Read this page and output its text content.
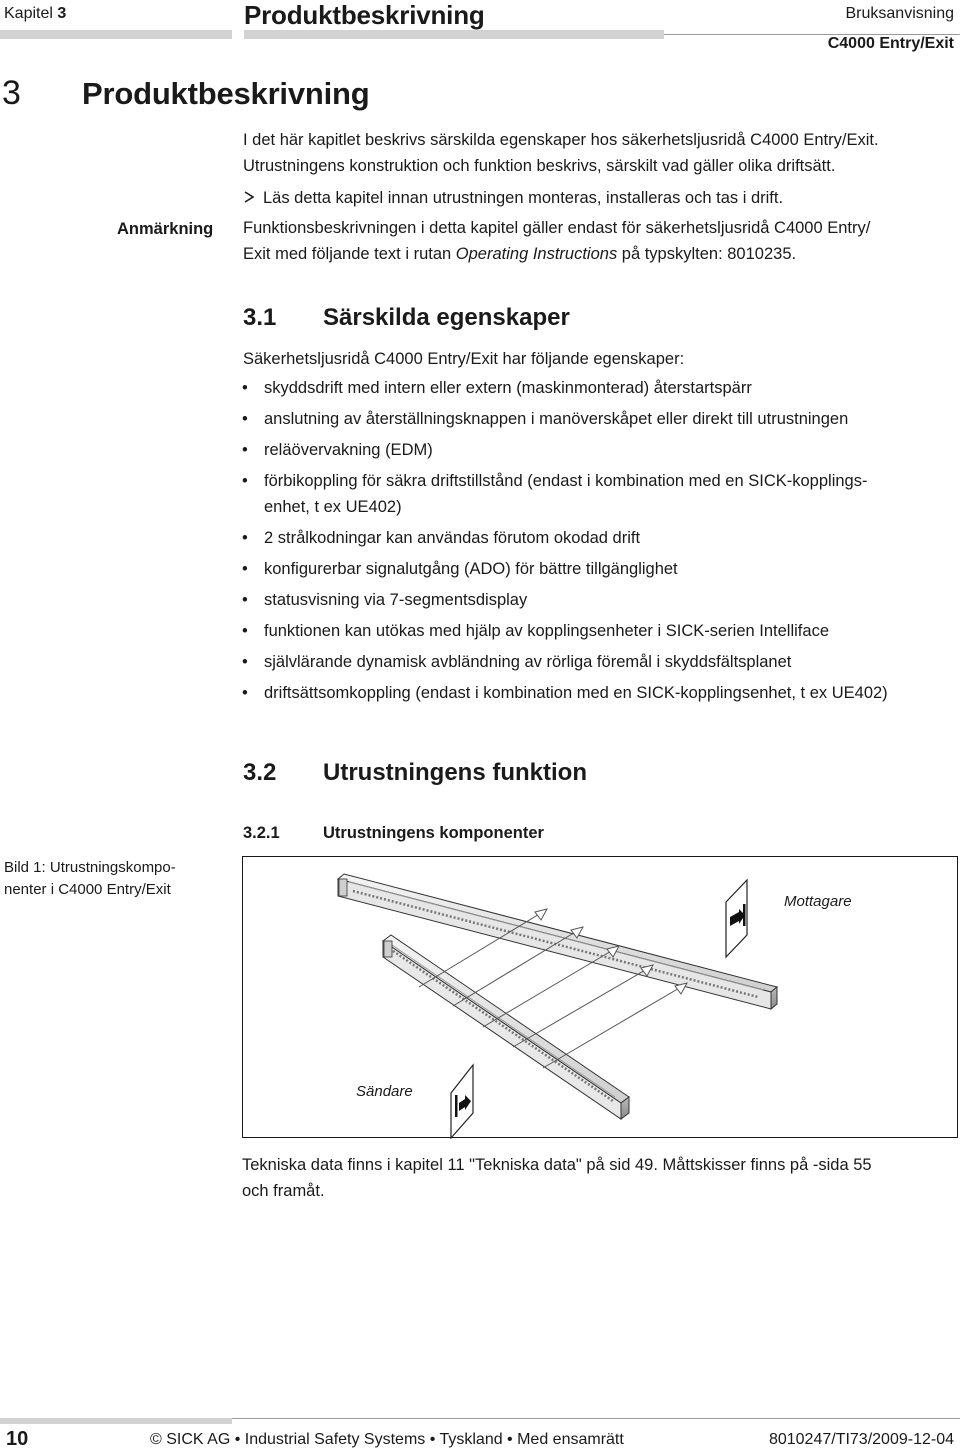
Kapitel 3	Produktbeskrivning	Bruksanvisning
C4000 Entry/Exit
3 Produktbeskrivning
I det här kapitlet beskrivs särskilda egenskaper hos säkerhetsljusridå C4000 Entry/Exit.
Utrustningens konstruktion och funktion beskrivs, särskilt vad gäller olika driftsätt.
Läs detta kapitel innan utrustningen monteras, installeras och tas i drift.
Anmärkning Funktionsbeskrivningen i detta kapitel gäller endast för säkerhetsljusridå C4000 Entry/
Exit med följande text i rutan Operating Instructions på typskylten: 8010235.
3.1 Särskilda egenskaper
Säkerhetsljusridå C4000 Entry/Exit har följande egenskaper:
• skyddsdrift med intern eller extern (maskinmonterad) återstartspärr
• anslutning av återställningsknappen i manöverskåpet eller direkt till utrustningen
• reläövervakning (EDM)
• förbikoppling för säkra driftstillstånd (endast i kombination med en SICK-kopplings-
enhet, t ex UE402)
• 2 strålkodningar kan användas förutom okodad drift
• konfigurerbar signalutgång (ADO) för bättre tillgänglighet
• statusvisning via 7-segmentsdisplay
• funktionen kan utökas med hjälp av kopplingsenheter i SICK-serien Intelliface
• självlärande dynamisk avbländning av rörliga föremål i skyddsfältsplanet
• driftsättsomkoppling (endast i kombination med en SICK-kopplingsenhet, t ex UE402)
3.2 Utrustningens funktion
3.2.1	Utrustningens komponenter
Bild 1: Utrustningskompo-
nenter i C4000 Entry/Exit
Mottagare
Sändare
Tekniska data finns i kapitel 11 "Tekniska data" på sid 49. Måttskisser finns på -sida 55
och framåt.
10	© SICK AG • Industrial Safety Systems • Tyskland • Med ensamrätt	8010247/TI73/2009-12-04
